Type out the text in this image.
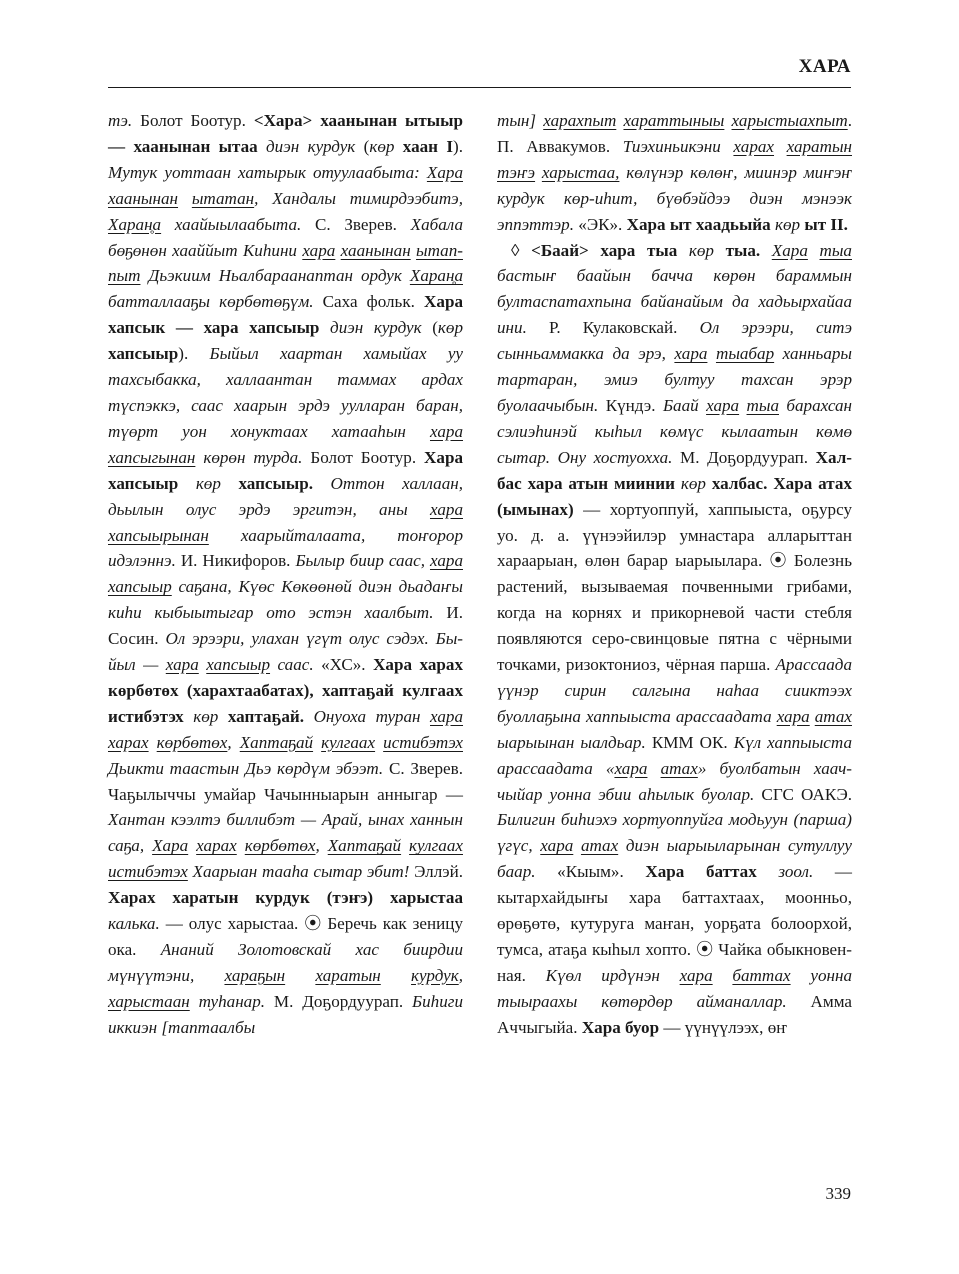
ХАРА

тэ. Болот Боотур. <Хара> хаанынан ытыыр — хаанынан ытаа диэн курдук (көр хаан I). Мутук уоттаан хатырык отуулаабыта: Хара хаанынан ытатан, Хандалы тимирдээбитэ, Харан̥а хаайыылаабыта. С. Зверев. Хабала бөҕөнөн хааййыт Киһини хара хаанынан ытаппыт Дьэкиим Ньалбараанаптан ордук Харан̥а батталлааҕы көрбөтөҕүм. Саха фольк. Хара хапсык — хара хапсыыр диэн курдук (көр хапсыыр). Быйыл хаартан хамыйах уу тахсыбакка, халлаантан таммах ардах түспэккэ, саас хаарын эрдэ уулларан баран, түөрт уон хонуктаах хатааһын хара хапсыгынан көрөн турда. Болот Боотур. Хара хапсыыр көр хапсыыр. Оттон халлаан, дьылын олус эрдэ эргитэн, аны хара хапсыырынан хаарыйталаата, тоҥорор идэлэннэ. И. Никифоров. Былыр биир саас, хара хапсыыр саҕана, Күөс Көкөөнөй диэн дьадаҥы киһи кыбыытыгар ото эстэн хаалбыт. И. Сосин. Ол эрээри, улахан үгүт олус сэдэх. Быйыл — хара хапсыыр саас. «ХС». Хара харах көрбөтөх (харахтаабатах), хаптаҕай кулгаах истибэтэх көр хаптаҕай. Онуоха туран хара харах көрбөтөх, Хаптаҕай кулгаах истибэтэх Дьикти таастын Дьэ көрдүм эбээт. С. Зверев. Чаҕылыччы умайар Чачынныарын анныгар — Хантан кээлтэ биллибэт — Арай, ынах ханнын саҕа, Хара харах көрбөтөх, Хаптаҕай кулгаах истибэтэх Хаарыан тааһа сытар эбит! Эллэй. Харах харатын курдук (тэҥэ) харыстаа калька. — олус харыстаа. ⦿ Беречь как зеницу ока. Ананий Золотовскай хас биирдии мүнүүтэни, хараҕын харатын курдук, харыстаан туһанар. М. Доҕордуурап. Биһиги иккиэн [таптаалбы

тын] харахпыт хараттыныы харыстыахпыт. П. Аввакумов. Тиэхиньикэни харах харатын тэҥэ харыстаа, көлүнэр көлөҥ, миинэр миҥэҥ курдук көр-иһит, бүөбэйдээ диэн мэнээк эппэттэр. «ЭК». Хара ыт хаадьыйа көр ыт II.

◊ <Баай> хара тыа көр тыа. Хара тыа бастыҥ баайын бачча көрөн бараммын бултаспатахпына байанайым да хадьырхайаа ини. Р. Кулаковскай. Ол эрээри, ситэ сынньаммакка да эрэ, хара тыабар ханньары тартаран, эмиэ бултуу тахсан эрэр буолаачыбын. Күндэ. Баай хара тыа барахсан сэлиэһинэй кыһыл көмүс кылаатын көмө сытар. Ону хостуохха. М. Доҕордуурап. Халбас хара атын миинии көр халбас. Хара атах (ымынах) — хортуоппуй, хаппыыста, оҕурсу уо. д. а. үүнээйилэр умнастара алларыттан хараарыан, өлөн барар ыарыылара. ⦿ Болезнь растений, вызываемая почвенными грибами, когда на корнях и прикорневой части стебля появляются серо-свинцовые пятна с чёрными точками, ризоктониоз, чёрная парша. Арассаада үүнэр сирин салгына наһаа сииктээх буоллаҕына хаппыыста арассаадата хара атах ыарыынан ыалдьар. КММ ОК. Күл хаппыыста арассаадата «хара атах» буолбатын хааччыйар уонна эбии аһылык буолар. СГС ОАКЭ. Билигин биһиэхэ хортуоппуйга модьуун (парша) үгүс, хара атах диэн ыарыыларынан сутуллуу баар. «Кыым». Хара баттах зоол. — кытархайдыҥы хара баттахтаах, моонньо, өрөҕөтө, кутуруга маҥан, уорҕата болоорхой, тумса, атаҕа кыһыл хопто. ⦿ Чайка обыкновенная. Күөл ирдүнэн хара баттах уонна тыыраахы көтөрдөр айманаллар. Амма Аччыгыйа. Хара буор — үүнүүлээх, өҥ

339
